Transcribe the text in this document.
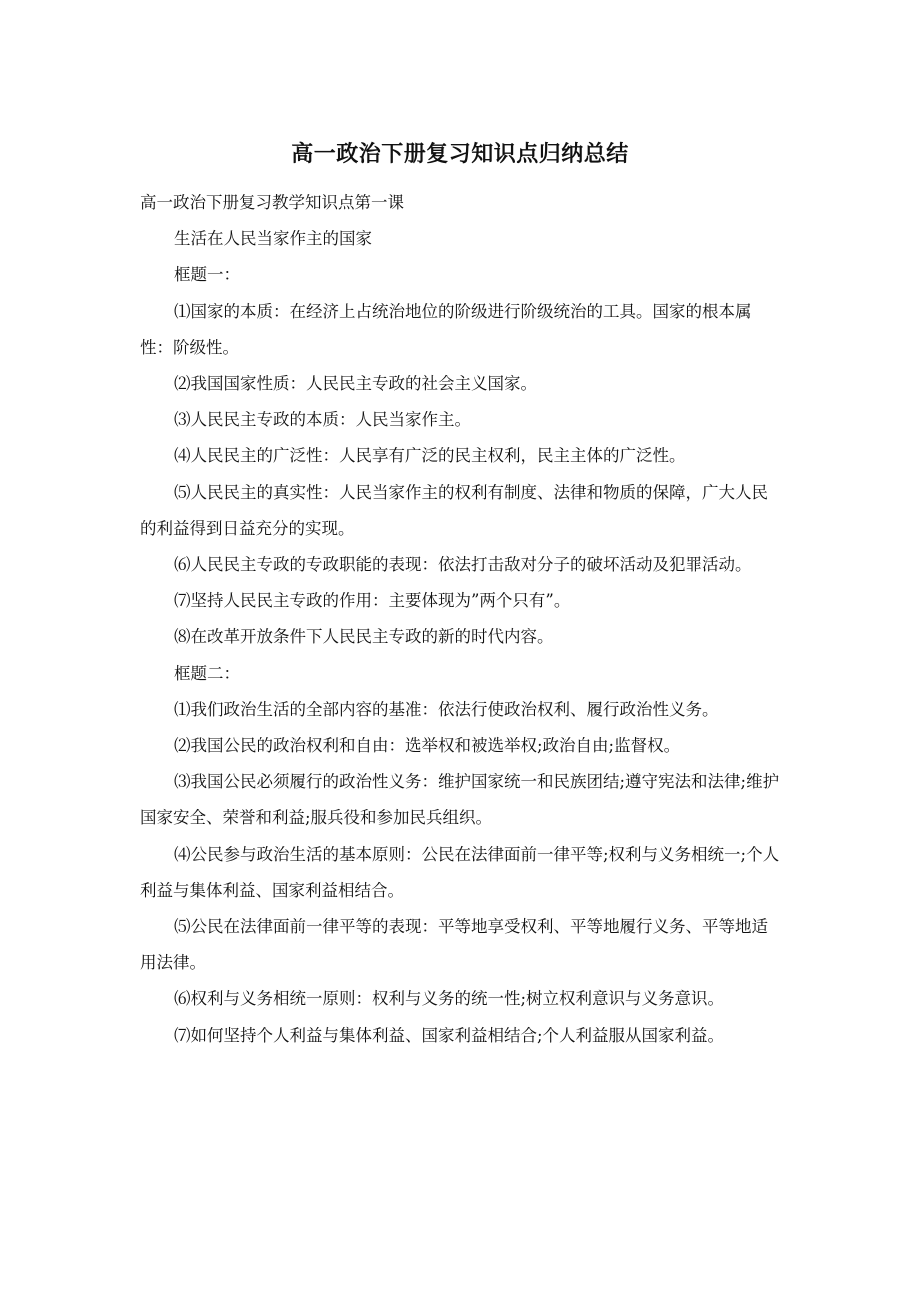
高一政治下册复习知识点归纳总结

高一政治下册复习教学知识点第一课

生活在人民当家作主的国家

框题一：

⑴国家的本质：在经济上占统治地位的阶级进行阶级统治的工具。国家的根本属性：阶级性。

⑵我国国家性质：人民民主专政的社会主义国家。

⑶人民民主专政的本质：人民当家作主。

⑷人民民主的广泛性：人民享有广泛的民主权利，民主主体的广泛性。

⑸人民民主的真实性：人民当家作主的权利有制度、法律和物质的保障，广大人民的利益得到日益充分的实现。

⑹人民民主专政的专政职能的表现：依法打击敌对分子的破坏活动及犯罪活动。

⑺坚持人民民主专政的作用：主要体现为”两个只有”。

⑻在改革开放条件下人民民主专政的新的时代内容。

框题二：

⑴我们政治生活的全部内容的基准：依法行使政治权利、履行政治性义务。

⑵我国公民的政治权利和自由：选举权和被选举权;政治自由;监督权。

⑶我国公民必须履行的政治性义务：维护国家统一和民族团结;遵守宪法和法律;维护国家安全、荣誉和利益;服兵役和参加民兵组织。

⑷公民参与政治生活的基本原则：公民在法律面前一律平等;权利与义务相统一;个人利益与集体利益、国家利益相结合。

⑸公民在法律面前一律平等的表现：平等地享受权利、平等地履行义务、平等地适用法律。

⑹权利与义务相统一原则：权利与义务的统一性;树立权利意识与义务意识。

⑺如何坚持个人利益与集体利益、国家利益相结合;个人利益服从国家利益。
